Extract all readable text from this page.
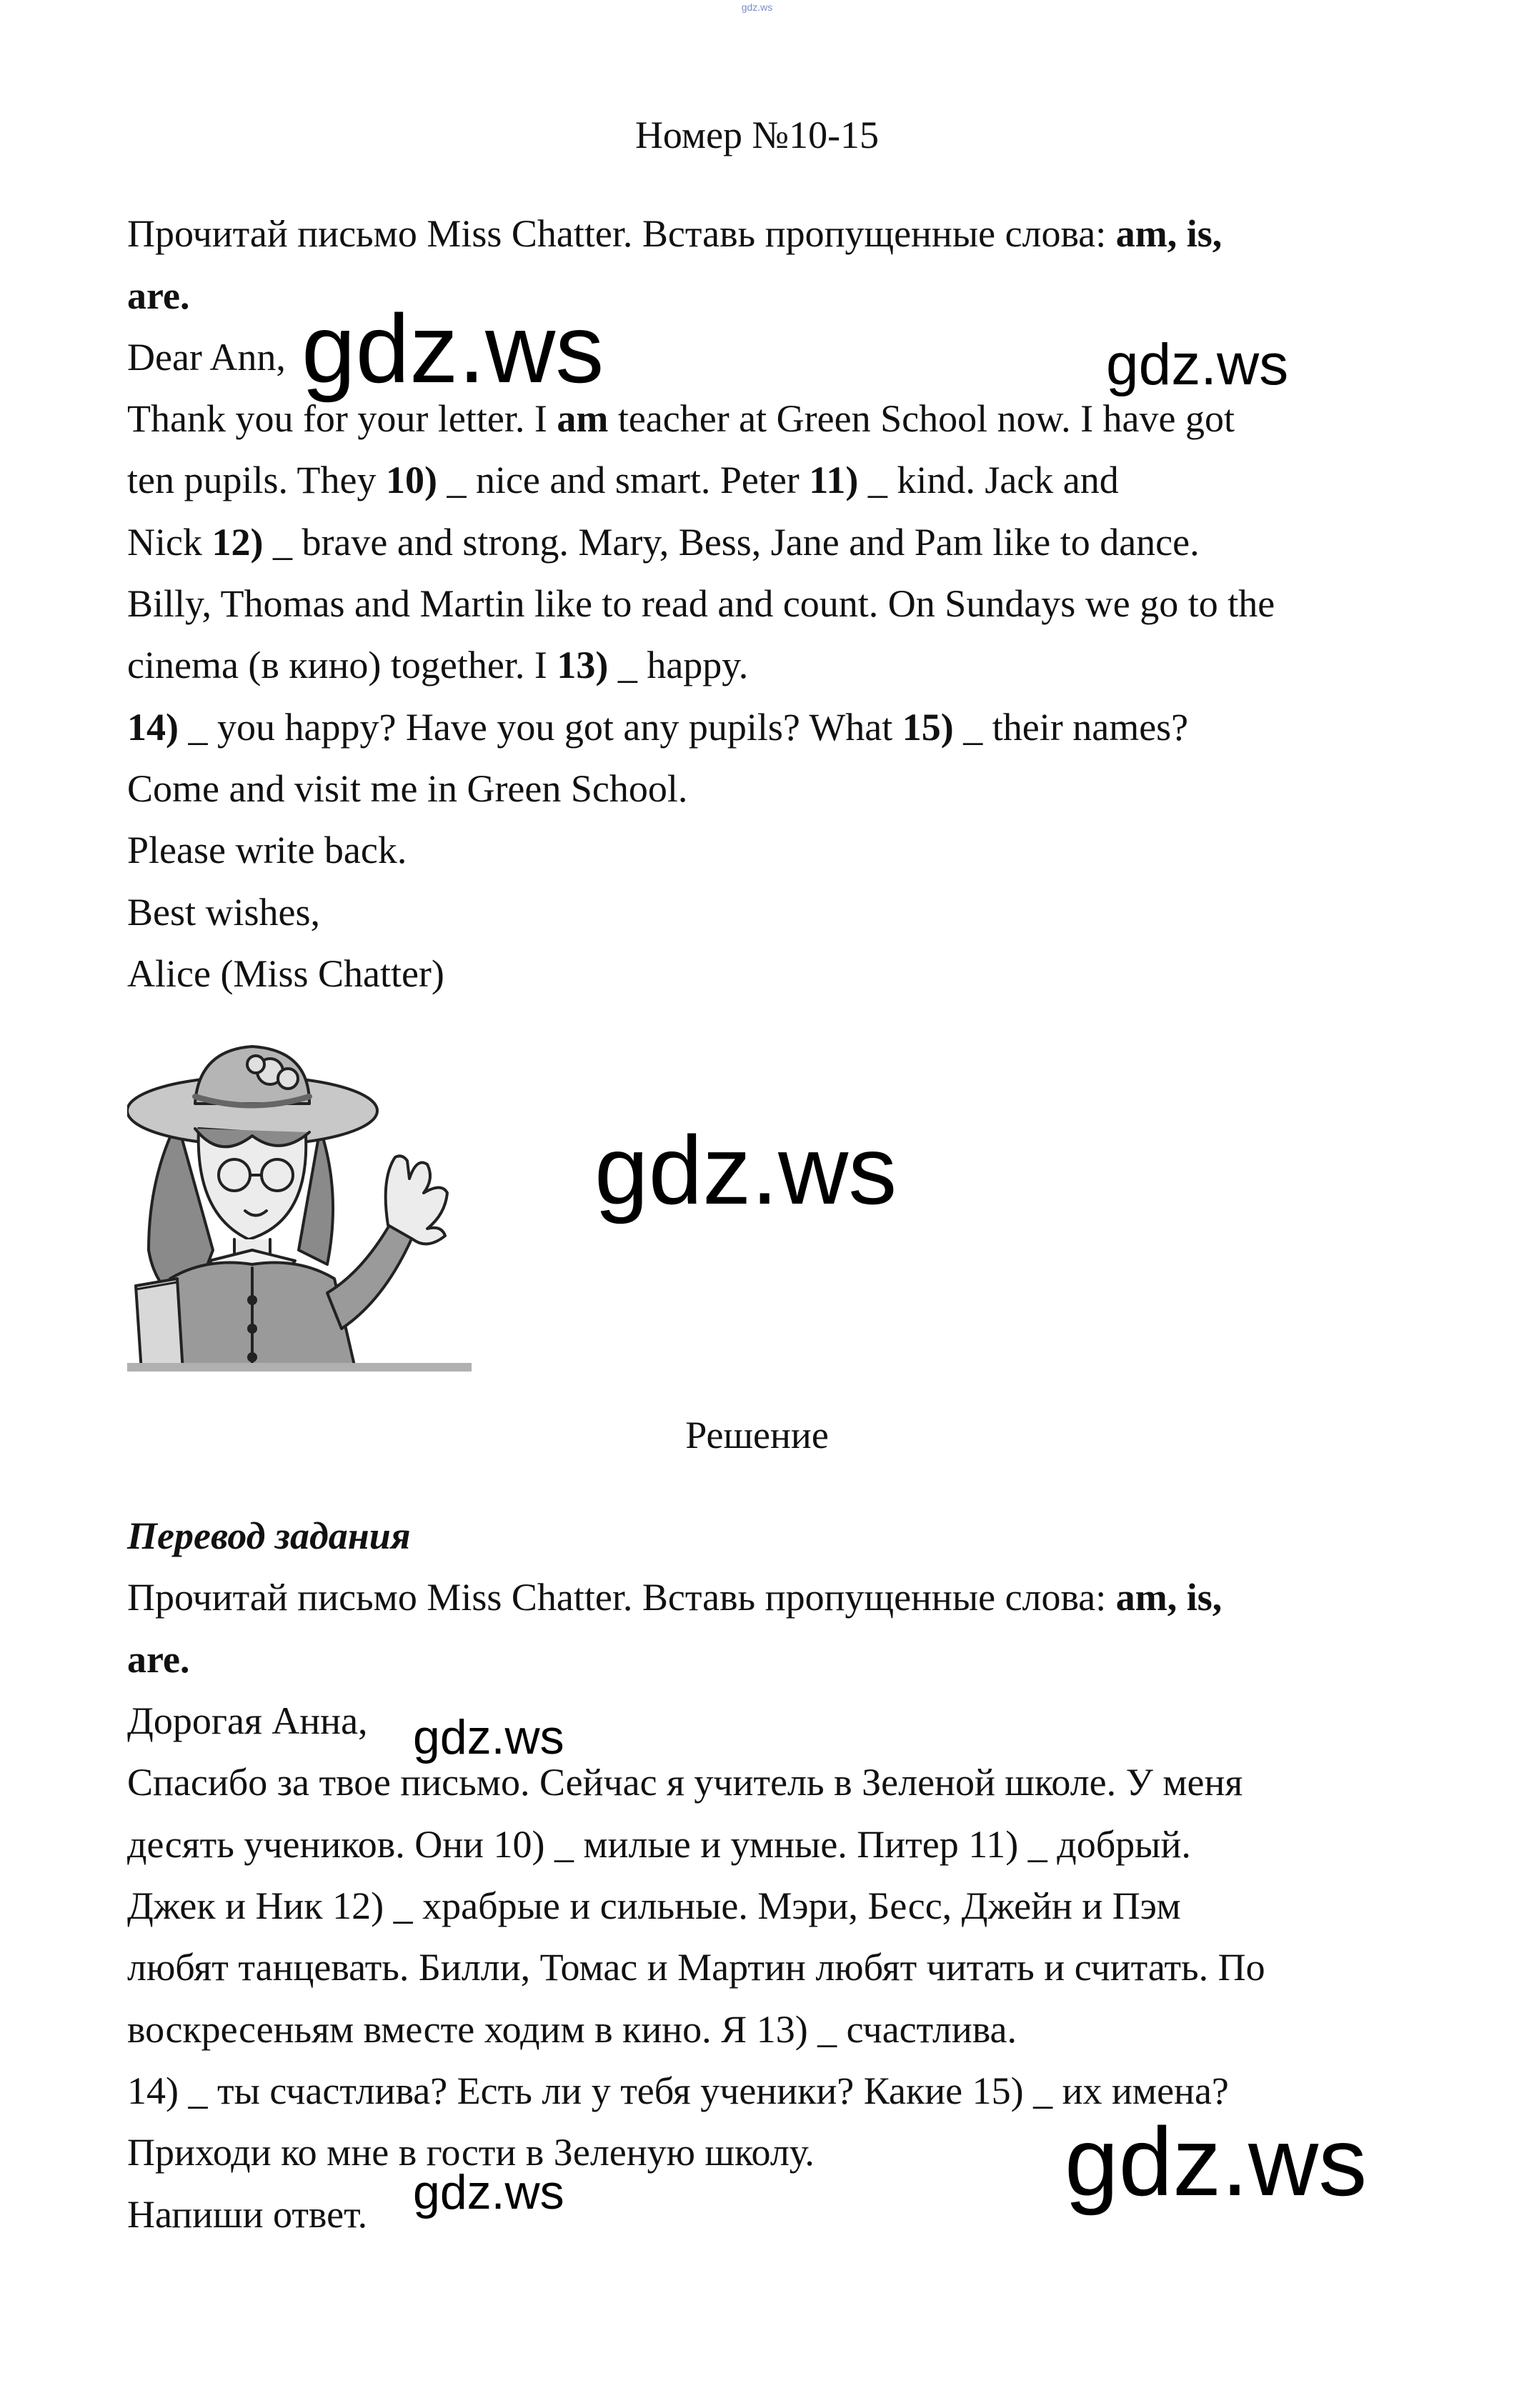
gdz.ws
Номер №10-15
Прочитай письмо Miss Chatter. Вставь пропущенные слова: am, is,
are.
Dear Ann,
Thank you for your letter. I am teacher at Green School now. I have got
ten pupils. They 10) _ nice and smart. Peter 11) _ kind. Jack and
Nick 12) _ brave and strong. Mary, Bess, Jane and Pam like to dance.
Billy, Thomas and Martin like to read and count. On Sundays we go to the
cinema (в кино) together. I 13) _ happy.
14) _ you happy? Have you got any pupils? What 15) _ their names?
Come and visit me in Green School.
Please write back.
Best wishes,
Alice (Miss Chatter)
Решение
Перевод задания
Прочитай письмо Miss Chatter. Вставь пропущенные слова: am, is,
are.
Дорогая Анна,
Спасибо за твое письмо. Сейчас я учитель в Зеленой школе. У меня
десять учеников. Они 10) _ милые и умные. Питер 11) _ добрый.
Джек и Ник 12) _ храбрые и сильные. Мэри, Бесс, Джейн и Пэм
любят танцевать. Билли, Томас и Мартин любят читать и считать. По
воскресеньям вместе ходим в кино. Я 13) _ счастлива.
14) _ ты счастлива? Есть ли у тебя ученики? Какие 15) _ их имена?
Приходи ко мне в гости в Зеленую школу.
Напиши ответ.
gdz.ws	gdz.ws
gdz.ws
gdz.ws
gdz.ws
gdz.ws
